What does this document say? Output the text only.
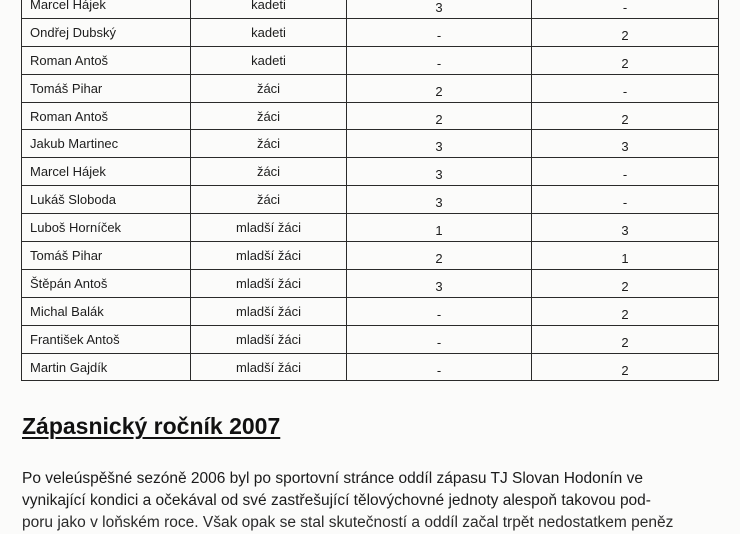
Marcel Hájek	kadeti	3	-
Ondřej Dubský	kadeti	-	2
Roman Antoš	kadeti	-	2
Tomáš Pihar	žáci	2	-
Roman Antoš	žáci	2	2
Jakub Martinec	žáci	3	3
Marcel Hájek	žáci	3	-
Lukáš Sloboda	žáci	3	-
Luboš Horníček	mladší žáci	1	3
Tomáš Pihar	mladší žáci	2	1
Štěpán Antoš	mladší žáci	3	2
Michal Balák	mladší žáci	-	2
František Antoš	mladší žáci	-	2
Martin Gajdík	mladší žáci	-	2
Zápasnický ročník 2007
Po veleúspěšné sezóně 2006 byl po sportovní stránce oddíl zápasu TJ Slovan Hodonín ve
vynikající kondici a očekával od své zastřešující tělovýchovné jednoty alespoň takovou pod-
poru jako v loňském roce. Však opak se stal skutečností a oddíl začal trpět nedostatkem peněz
